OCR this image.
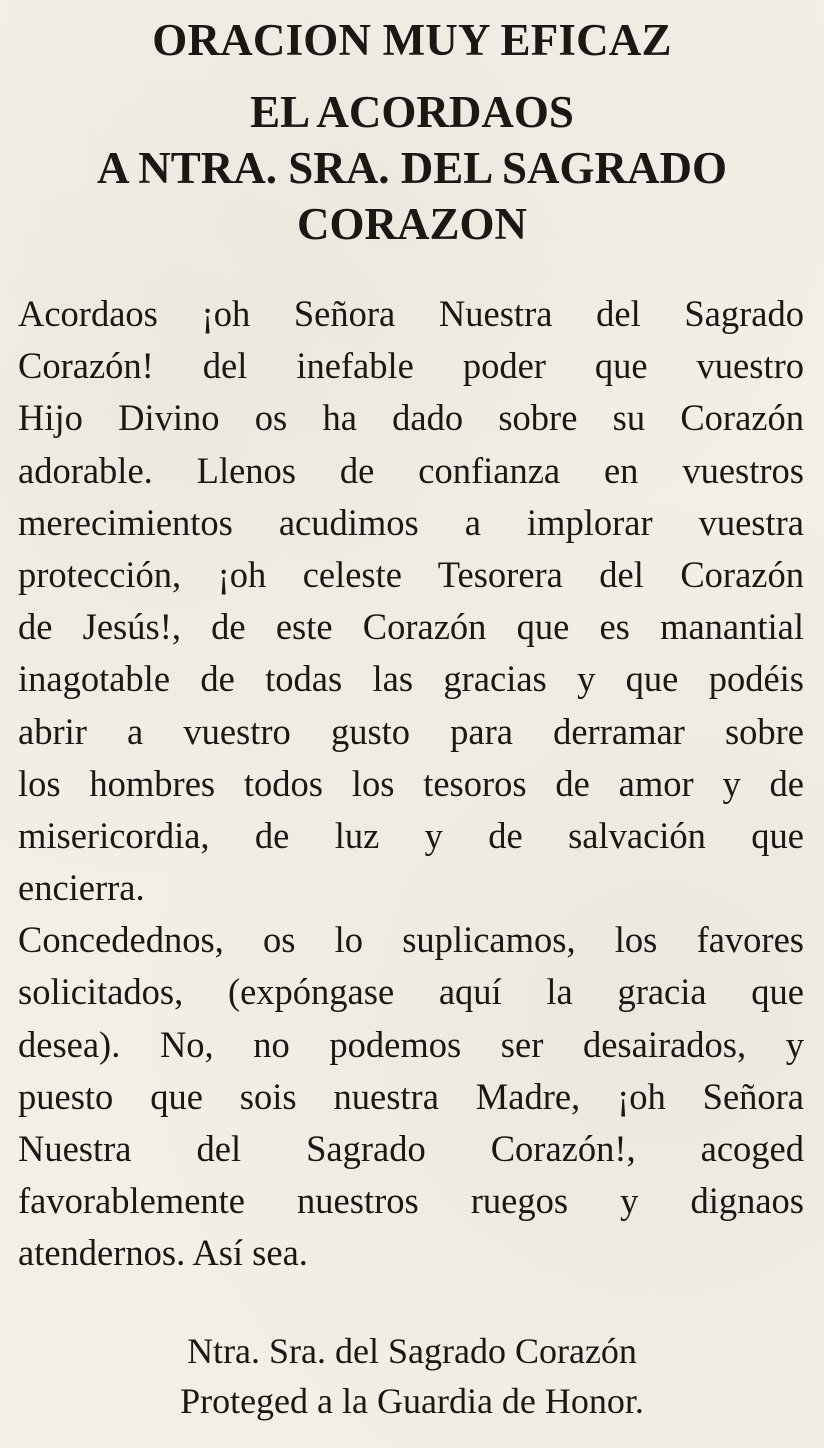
ORACION MUY EFICAZ
EL ACORDAOS
A NTRA. SRA. DEL SAGRADO
CORAZON
Acordaos ¡oh Señora Nuestra del Sagrado
Corazón! del inefable poder que vuestro
Hijo Divino os ha dado sobre su Corazón
adorable. Llenos de confianza en vuestros
merecimientos acudimos a implorar vuestra
protección, ¡oh celeste Tesorera del Corazón
de Jesús!, de este Corazón que es manantial
inagotable de todas las gracias y que podéis
abrir a vuestro gusto para derramar sobre
los hombres todos los tesoros de amor y de
misericordia, de luz y de salvación que
encierra.
Concedednos, os lo suplicamos, los favores
solicitados, (expóngase aquí la gracia que
desea). No, no podemos ser desairados, y
puesto que sois nuestra Madre, ¡oh Señora
Nuestra del Sagrado Corazón!, acoged
favorablemente nuestros ruegos y dignaos
atendernos. Así sea.
Ntra. Sra. del Sagrado Corazón
Proteged a la Guardia de Honor.
